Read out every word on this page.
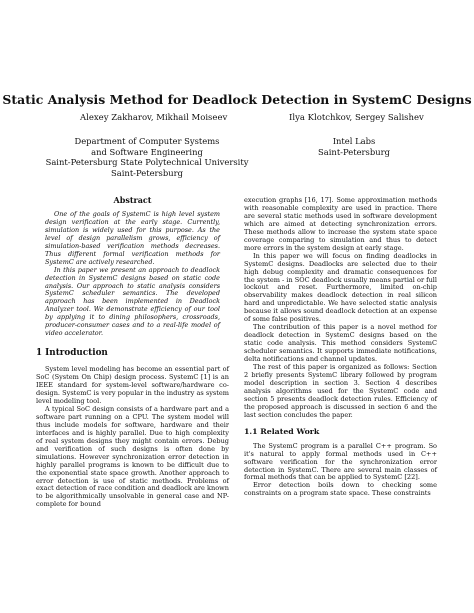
Static Analysis Method for Deadlock Detection in SystemC Designs
Alexey Zakharov, Mikhail Moiseev	Ilya Klotchkov, Sergey Salishev
Department of Computer Systems
and Software Engineering
Saint-Petersburg State Polytechnical University
Saint-Petersburg
Intel Labs
Saint-Petersburg

Abstract

One of the goals of SystemC is high level system design verification at the early stage. Currently, simulation is widely used for this purpose. As the level of design parallelism grows, efficiency of simulation-based verification methods decreases. Thus different formal verification methods for SystemC are actively researched.

In this paper we present an approach to deadlock detection in SystemC designs based on static code analysis. Our approach to static analysis considers SystemC scheduler semantics. The developed approach has been implemented in Deadlock Analyzer tool. We demonstrate efficiency of our tool by applying it to dining philosophers, crossroads, producer-consumer cases and to a real-life model of video accelerator.

1 Introduction

System level modeling has become an essential part of SoC (System On Chip) design process. SystemC [1] is an IEEE standard for system-level software/hardware co-design. SystemC is very popular in the industry as system level modeling tool.

A typical SoC design consists of a hardware part and a software part running on a CPU. The system model will thus include models for software, hardware and their interfaces and is highly parallel. Due to high complexity of real system designs they might contain errors. Debug and verification of such designs is often done by simulations. However synchronization error detection in highly parallel programs is known to be difficult due to the exponential state space growth. Another approach to error detection is use of static methods. Problems of exact detection of race condition and deadlock are known to be algorithmically unsolvable in general case and NP-complete for bound

execution graphs [16, 17]. Some approximation methods with reasonable complexity are used in practice. There are several static methods used in software development which are aimed at detecting synchronization errors. These methods allow to increase the system state space coverage comparing to simulation and thus to detect more errors in the system design at early stage.

In this paper we will focus on finding deadlocks in SystemC designs. Deadlocks are selected due to their high debug complexity and dramatic consequences for the system - in SOC deadlock usually means partial or full lockout and reset. Furthermore, limited on-chip observability makes deadlock detection in real silicon hard and unpredictable. We have selected static analysis because it allows sound deadlock detection at an expense of some false positives.

The contribution of this paper is a novel method for deadlock detection in SystemC designs based on the static code analysis. This method considers SystemC scheduler semantics. It supports immediate notifications, delta notifications and channel updates.

The rest of this paper is organized as follows: Section 2 briefly presents SystemC library followed by program model description in section 3. Section 4 describes analysis algorithms used for the SystemC code and section 5 presents deadlock detection rules. Efficiency of the proposed approach is discussed in section 6 and the last section concludes the paper.

1.1 Related Work

The SystemC program is a parallel C++ program. So it's natural to apply formal methods used in C++ software verification for the synchronization error detection in SystemC. There are several main classes of formal methods that can be applied to SystemC [22].

Error detection boils down to checking some constraints on a program state space. These constraints
